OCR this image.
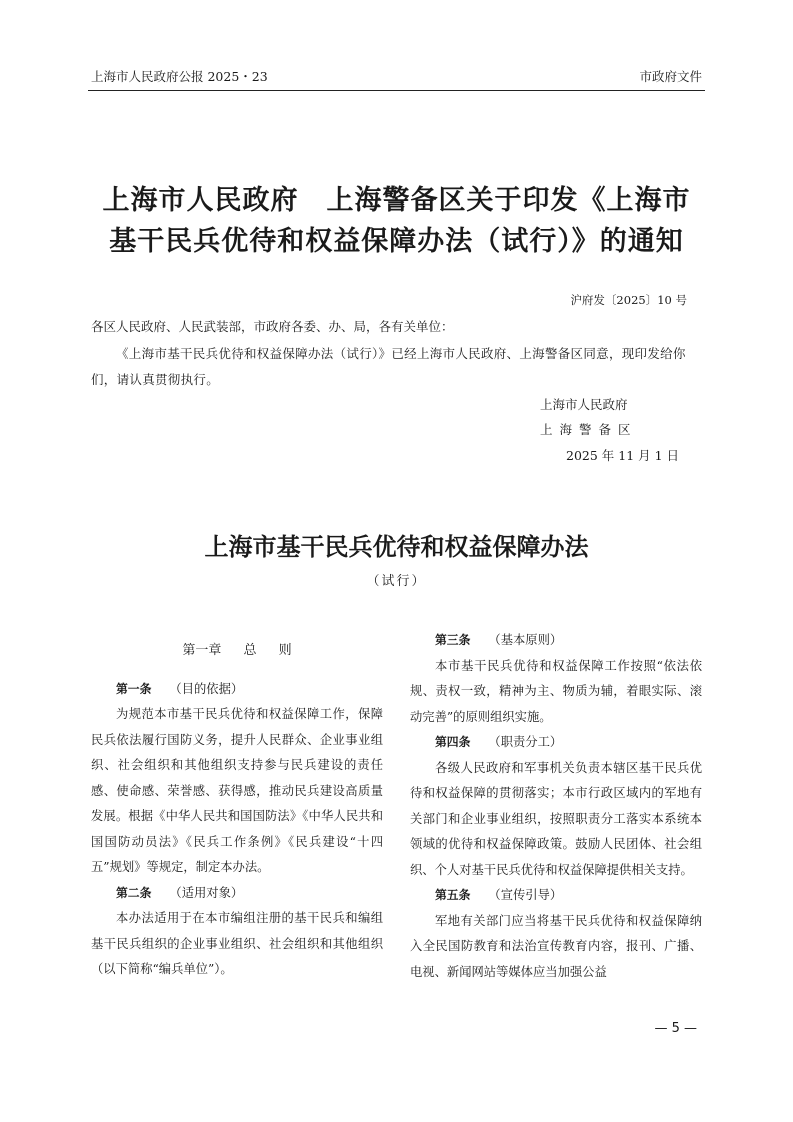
上海市人民政府公报 2025・23	市政府文件
上海市人民政府　上海警备区关于印发《上海市
基干民兵优待和权益保障办法（试行）》的通知
沪府发〔2025〕10 号
各区人民政府、人民武装部，市政府各委、办、局，各有关单位：
《上海市基干民兵优待和权益保障办法（试行）》已经上海市人民政府、上海警备区同意，现印发给你们，请认真贯彻执行。
上海市人民政府
上海警备区
2025 年 11 月 1 日
上海市基干民兵优待和权益保障办法
（试行）
第一章 总 则
第一条 （目的依据）
为规范本市基干民兵优待和权益保障工作，保障民兵依法履行国防义务，提升人民群众、企业事业组织、社会组织和其他组织支持参与民兵建设的责任感、使命感、荣誉感、获得感，推动民兵建设高质量发展。根据《中华人民共和国国防法》《中华人民共和国国防动员法》《民兵工作条例》《民兵建设“十四五”规划》等规定，制定本办法。
第二条 （适用对象）
本办法适用于在本市编组注册的基干民兵和编组基干民兵组织的企业事业组织、社会组织和其他组织（以下简称“编兵单位”）。
第三条 （基本原则）
本市基干民兵优待和权益保障工作按照“依法依规、责权一致，精神为主、物质为辅，着眼实际、滚动完善”的原则组织实施。
第四条 （职责分工）
各级人民政府和军事机关负责本辖区基干民兵优待和权益保障的贯彻落实；本市行政区域内的军地有关部门和企业事业组织，按照职责分工落实本系统本领域的优待和权益保障政策。鼓励人民团体、社会组织、个人对基干民兵优待和权益保障提供相关支持。
第五条 （宣传引导）
军地有关部门应当将基干民兵优待和权益保障纳入全民国防教育和法治宣传教育内容，报刊、广播、电视、新闻网站等媒体应当加强公益
— 5 —
